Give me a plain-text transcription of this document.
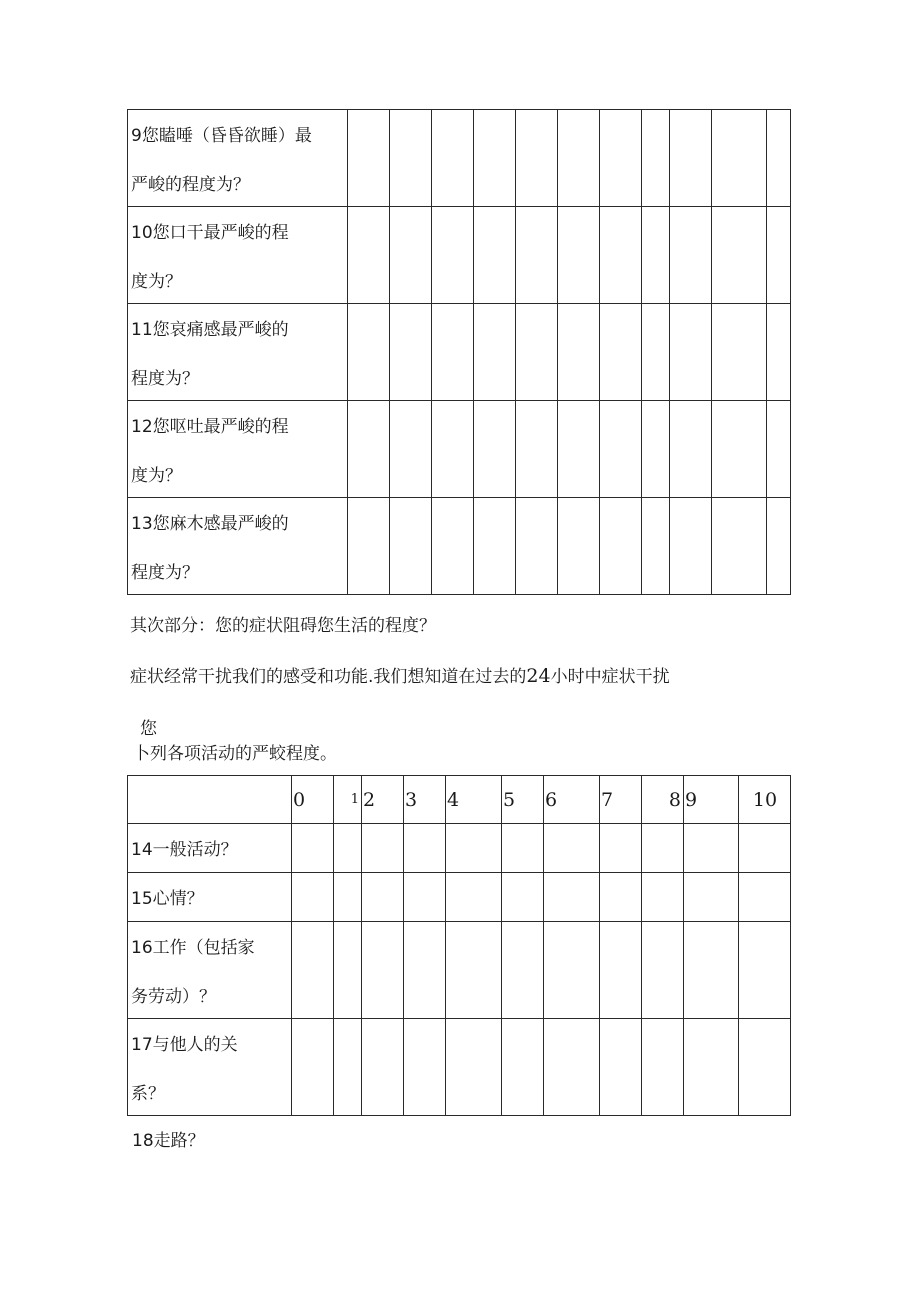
9您瞌唾（昏昏欲睡）最
严峻的程度为？											

10您口干最严峻的程
度为？											

11您哀痛感最严峻的
程度为？											

12您呕吐最严峻的程
度为？											

13您麻木感最严峻的
程度为？											

其次部分：您的症状阻碍您生活的程度？
症状经常干扰我们的感受和功能.我们想知道在过去的24小时中症状干扰
您
卜列各项活动的严蛟程度。
	0	1	2	3	4	5	6	7	8	9	10
14一般活动？											
15心情？											

16工作（包括家
务劳动）？											

17与他人的关
系？											

18走路？
